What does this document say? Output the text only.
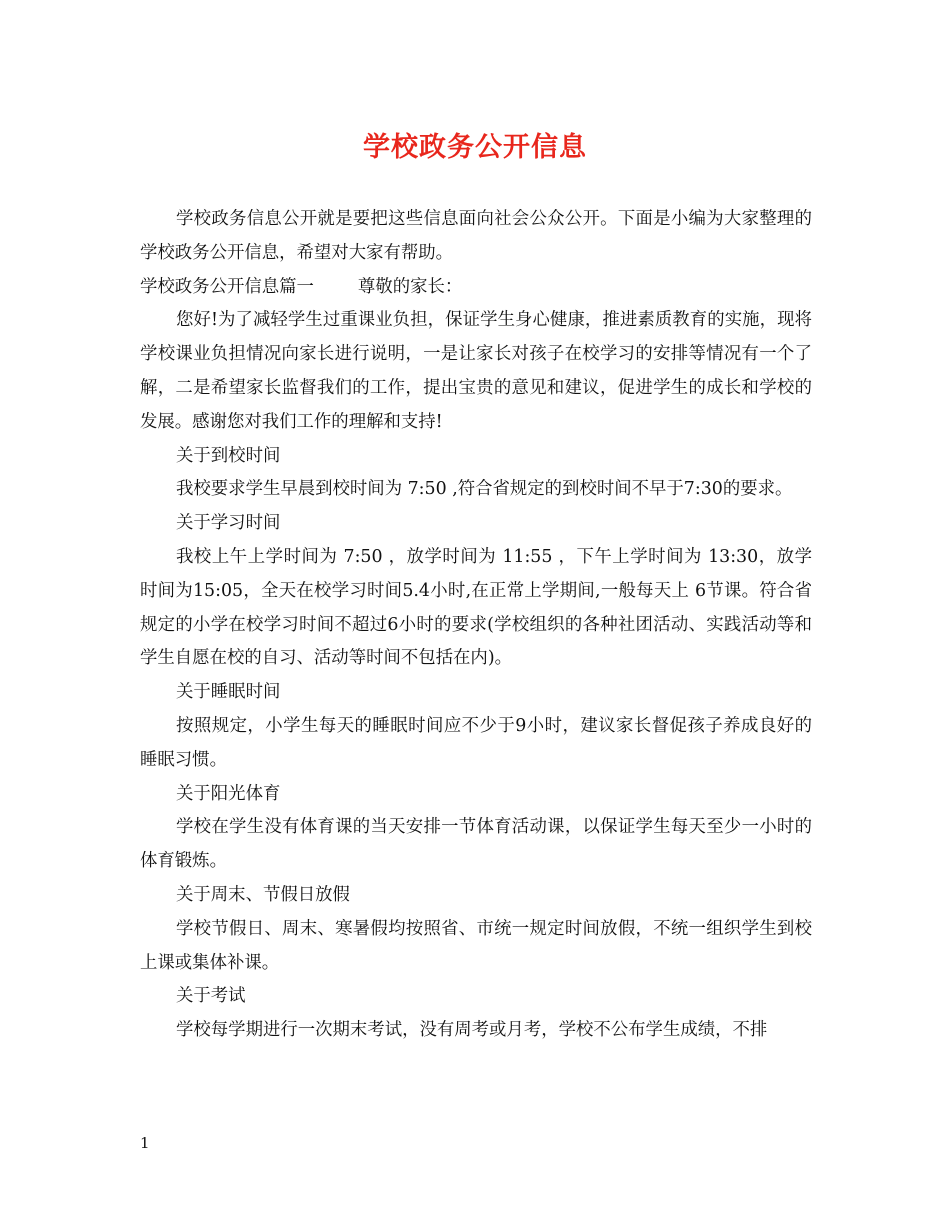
学校政务公开信息

学校政务信息公开就是要把这些信息面向社会公众公开。下面是小编为大家整理的学校政务公开信息，希望对大家有帮助。

学校政务公开信息篇一	尊敬的家长：

您好!为了减轻学生过重课业负担，保证学生身心健康，推进素质教育的实施，现将学校课业负担情况向家长进行说明，一是让家长对孩子在校学习的安排等情况有一个了解，二是希望家长监督我们的工作，提出宝贵的意见和建议，促进学生的成长和学校的发展。感谢您对我们工作的理解和支持!

关于到校时间

我校要求学生早晨到校时间为 7:50 ,符合省规定的到校时间不早于7:30的要求。

关于学习时间

我校上午上学时间为 7:50 ，放学时间为 11:55 ，下午上学时间为 13:30，放学时间为15:05，全天在校学习时间5.4小时,在正常上学期间,一般每天上 6节课。符合省规定的小学在校学习时间不超过6小时的要求(学校组织的各种社团活动、实践活动等和学生自愿在校的自习、活动等时间不包括在内)。

关于睡眠时间

按照规定，小学生每天的睡眠时间应不少于9小时，建议家长督促孩子养成良好的睡眠习惯。

关于阳光体育

学校在学生没有体育课的当天安排一节体育活动课，以保证学生每天至少一小时的体育锻炼。

关于周末、节假日放假

学校节假日、周末、寒暑假均按照省、市统一规定时间放假，不统一组织学生到校上课或集体补课。

关于考试

学校每学期进行一次期末考试，没有周考或月考，学校不公布学生成绩，不排

1
